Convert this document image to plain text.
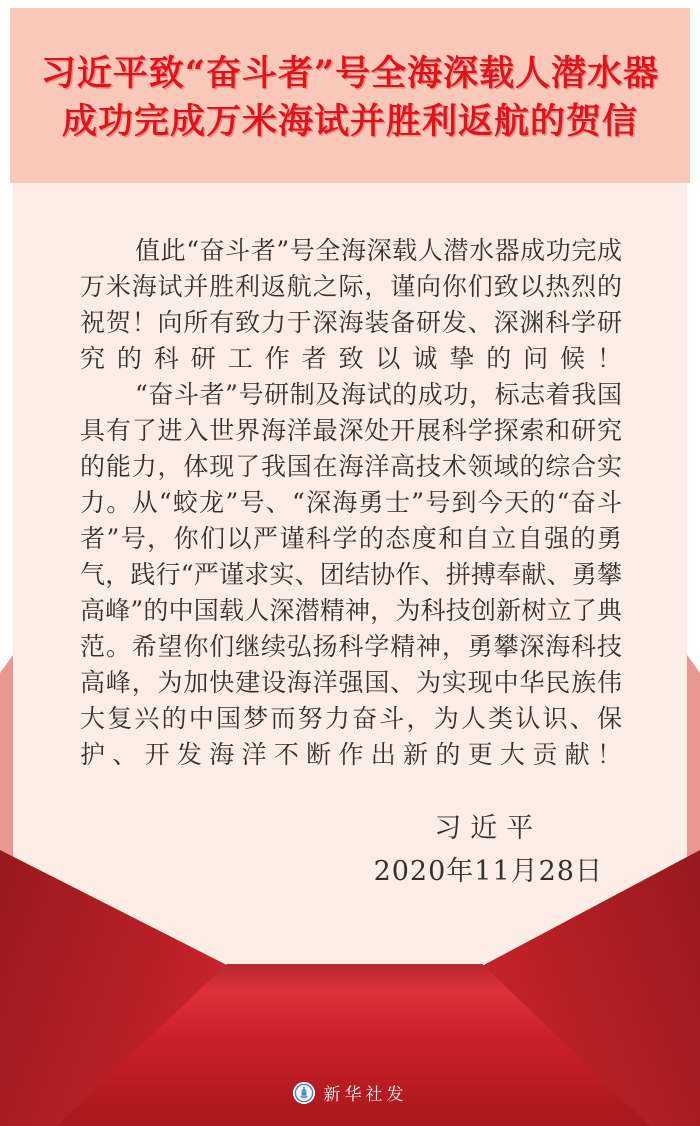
习近平致“奋斗者”号全海深载人潜水器
成功完成万米海试并胜利返航的贺信

值此“奋斗者”号全海深载人潜水器成功完成万米海试并胜利返航之际，谨向你们致以热烈的祝贺！向所有致力于深海装备研发、深渊科学研究的科研工作者致以诚挚的问候！

“奋斗者”号研制及海试的成功，标志着我国具有了进入世界海洋最深处开展科学探索和研究的能力，体现了我国在海洋高技术领域的综合实力。从“蛟龙”号、“深海勇士”号到今天的“奋斗者”号，你们以严谨科学的态度和自立自强的勇气，践行“严谨求实、团结协作、拼搏奉献、勇攀高峰”的中国载人深潜精神，为科技创新树立了典范。希望你们继续弘扬科学精神，勇攀深海科技高峰，为加快建设海洋强国、为实现中华民族伟大复兴的中国梦而努力奋斗，为人类认识、保护、开发海洋不断作出新的更大贡献！

习近平
2020年11月28日
新华社发
